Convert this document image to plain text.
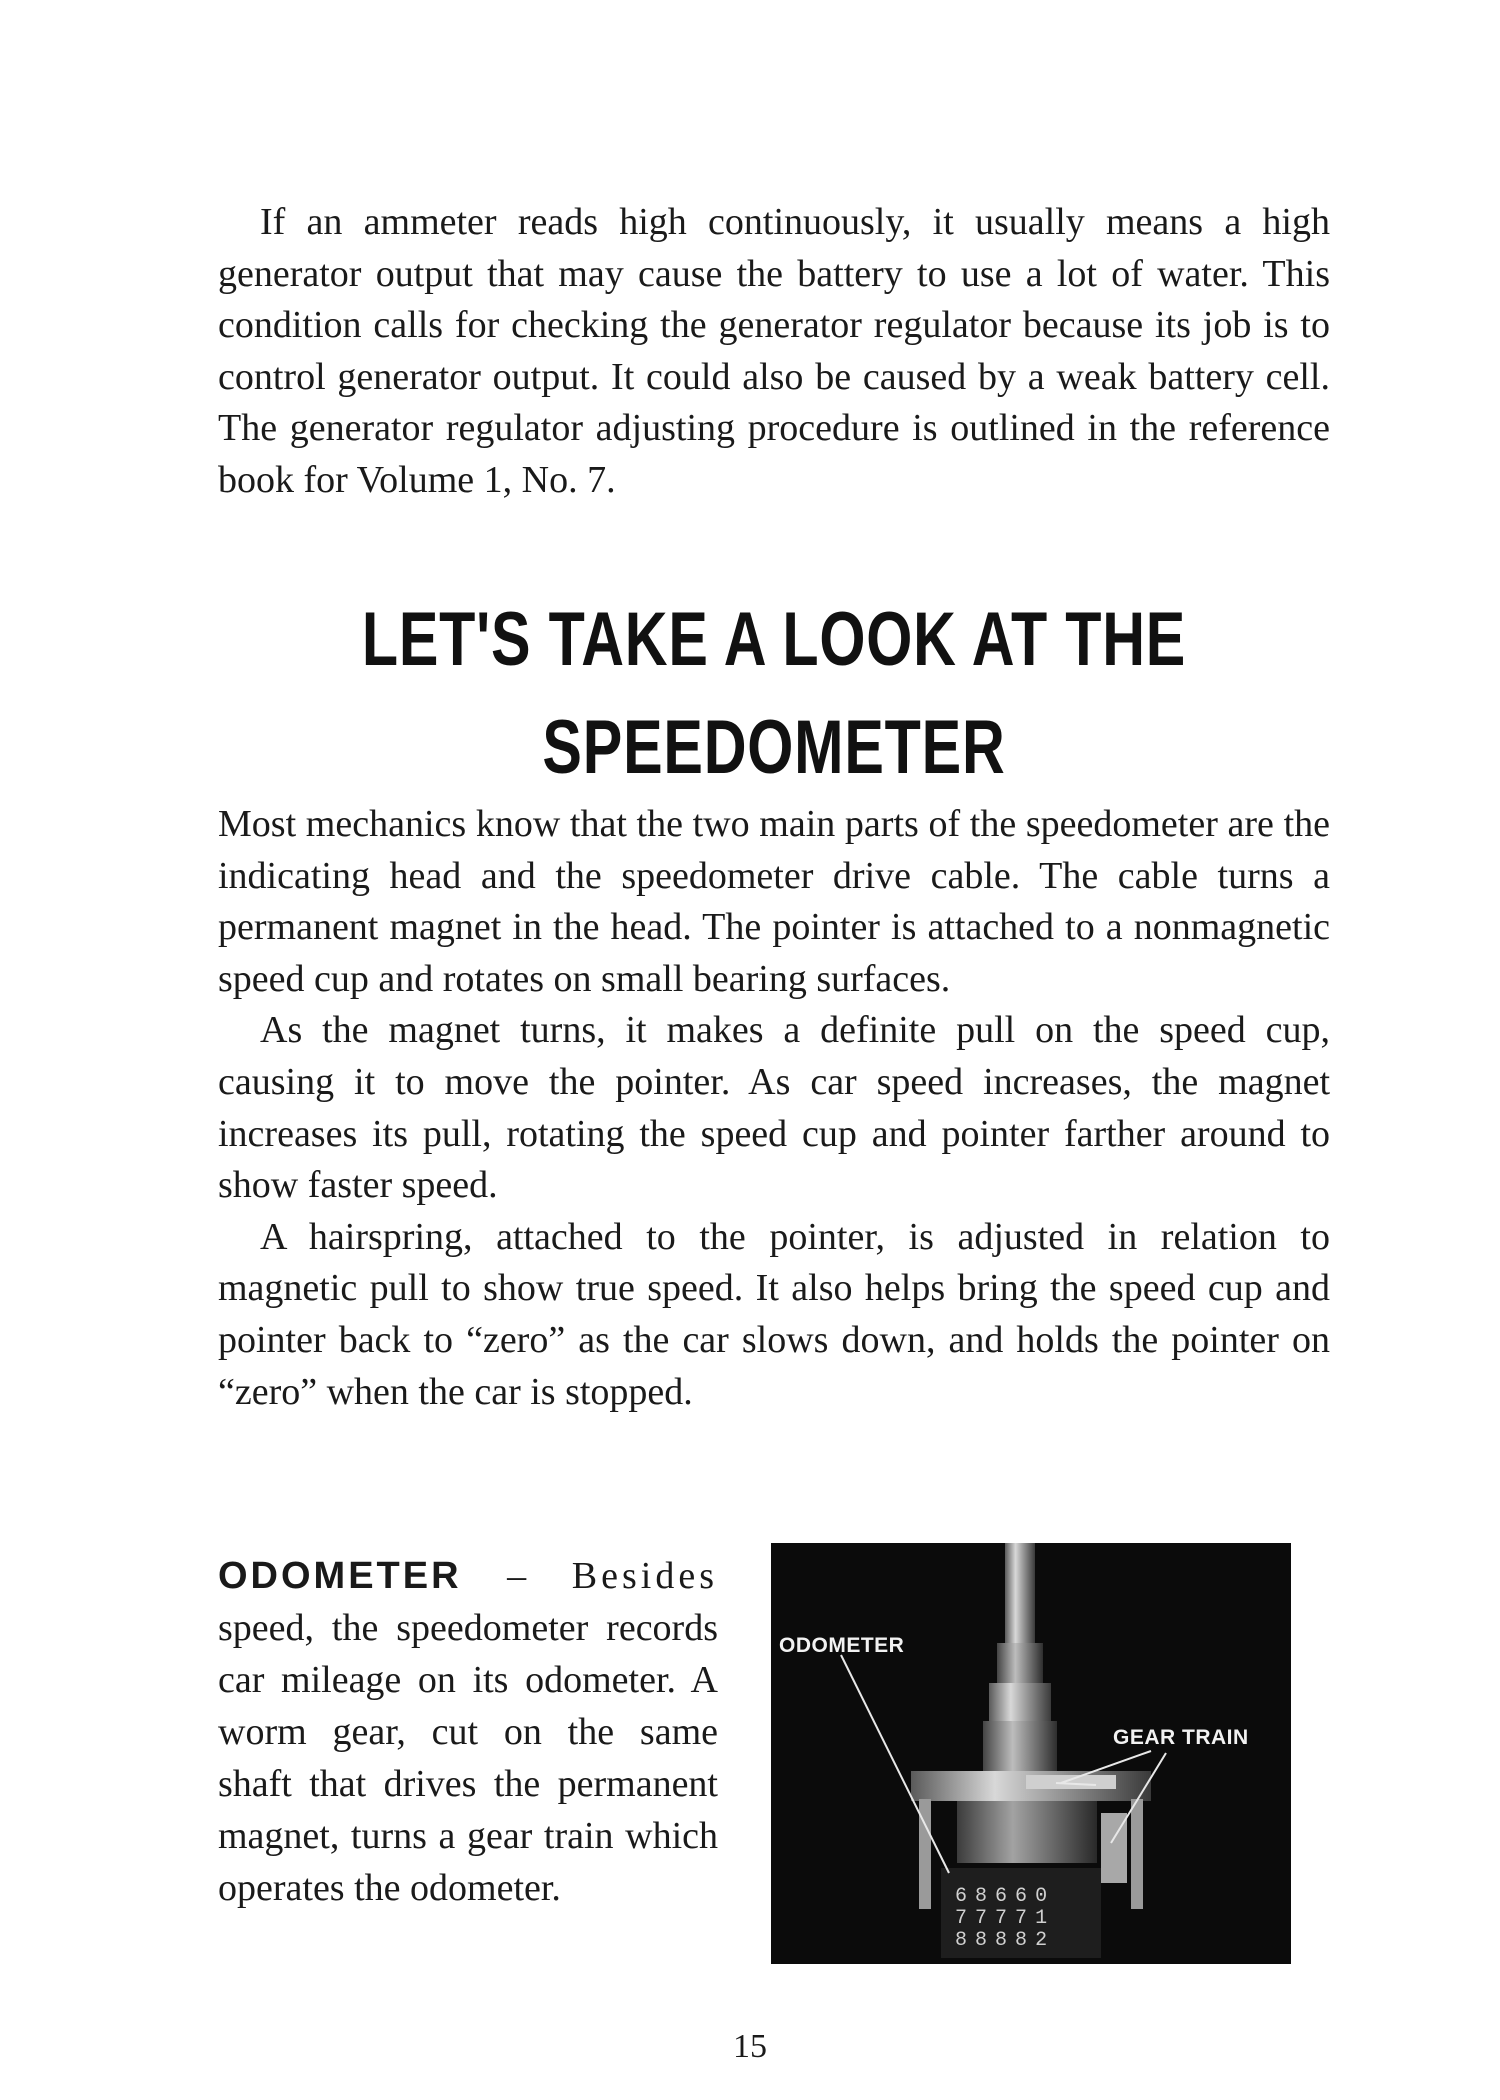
If an ammeter reads high continuously, it usually means a high generator output that may cause the battery to use a lot of water. This condition calls for checking the generator regulator because its job is to control generator output. It could also be caused by a weak battery cell. The generator regulator adjusting procedure is outlined in the reference book for Volume 1, No. 7.

LET'S TAKE A LOOK AT THE
SPEEDOMETER

Most mechanics know that the two main parts of the speedometer are the indicating head and the speedometer drive cable. The cable turns a permanent magnet in the head. The pointer is attached to a nonmagnetic speed cup and rotates on small bearing surfaces.

As the magnet turns, it makes a definite pull on the speed cup, causing it to move the pointer. As car speed increases, the magnet increases its pull, rotating the speed cup and pointer farther around to show faster speed.

A hairspring, attached to the pointer, is adjusted in relation to magnetic pull to show true speed. It also helps bring the speed cup and pointer back to “zero” as the car slows down, and holds the pointer on “zero” when the car is stopped.

ODOMETER – Besides speed, the speedometer records car mileage on its odometer. A worm gear, cut on the same shaft that drives the permanent magnet, turns a gear train which operates the odometer.	68660
77771
88882
ODOMETER
GEAR TRAIN
15
